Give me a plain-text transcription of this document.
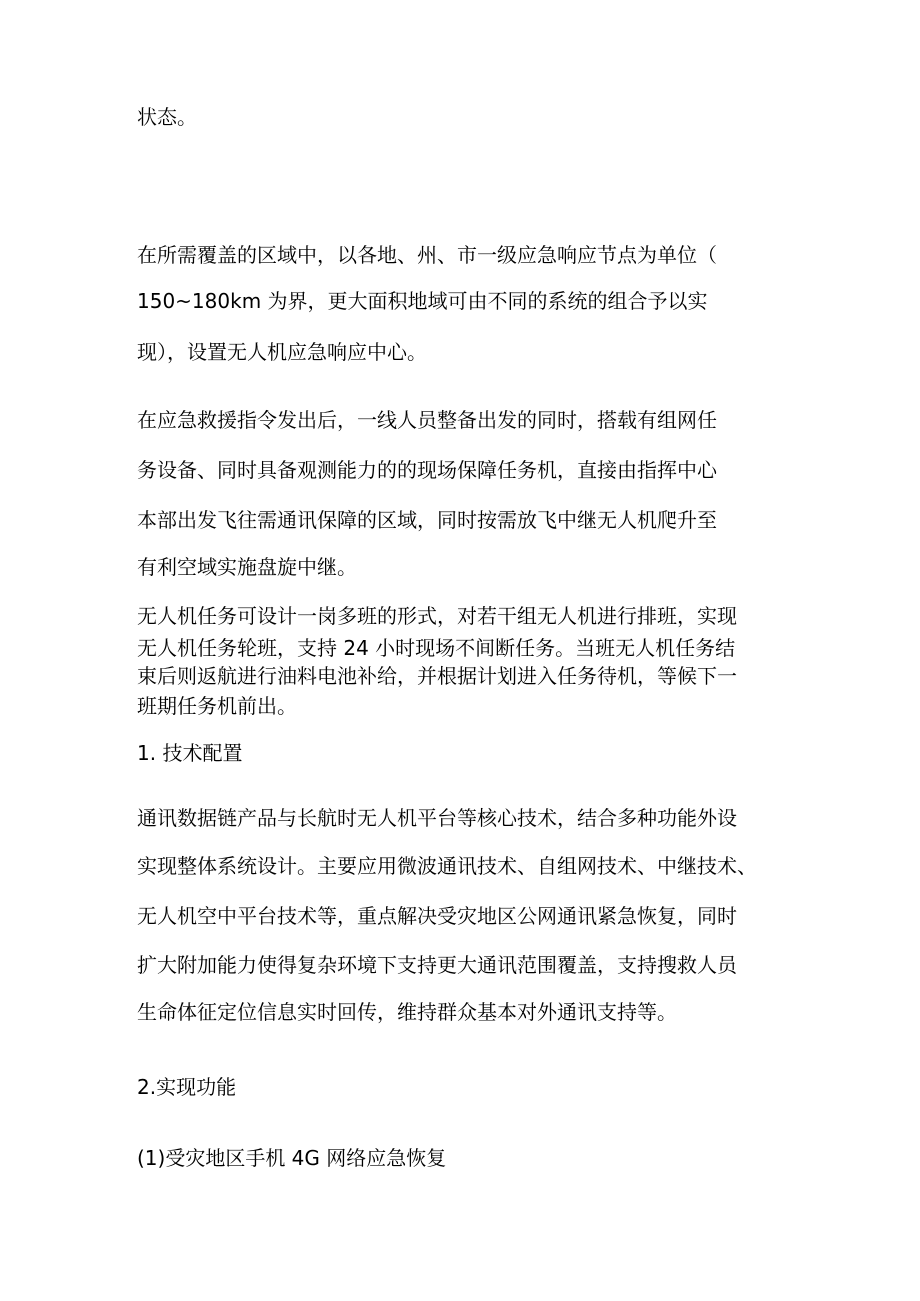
状态。

在所需覆盖的区域中，以各地、州、市一级应急响应节点为单位（

150~180km 为界，更大面积地域可由不同的系统的组合予以实

现），设置无人机应急响应中心。

在应急救援指令发出后，一线人员整备出发的同时，搭载有组网任

务设备、同时具备观测能力的的现场保障任务机，直接由指挥中心

本部出发飞往需通讯保障的区域，同时按需放飞中继无人机爬升至

有利空域实施盘旋中继。

无人机任务可设计一岗多班的形式，对若干组无人机进行排班，实现

无人机任务轮班，支持 24 小时现场不间断任务。当班无人机任务结

束后则返航进行油料电池补给，并根据计划进入任务待机，等候下一

班期任务机前出。

1. 技术配置

通讯数据链产品与长航时无人机平台等核心技术，结合多种功能外设

实现整体系统设计。主要应用微波通讯技术、自组网技术、中继技术、

无人机空中平台技术等，重点解决受灾地区公网通讯紧急恢复，同时

扩大附加能力使得复杂环境下支持更大通讯范围覆盖，支持搜救人员

生命体征定位信息实时回传，维持群众基本对外通讯支持等。

2.实现功能

(1)受灾地区手机 4G 网络应急恢复
